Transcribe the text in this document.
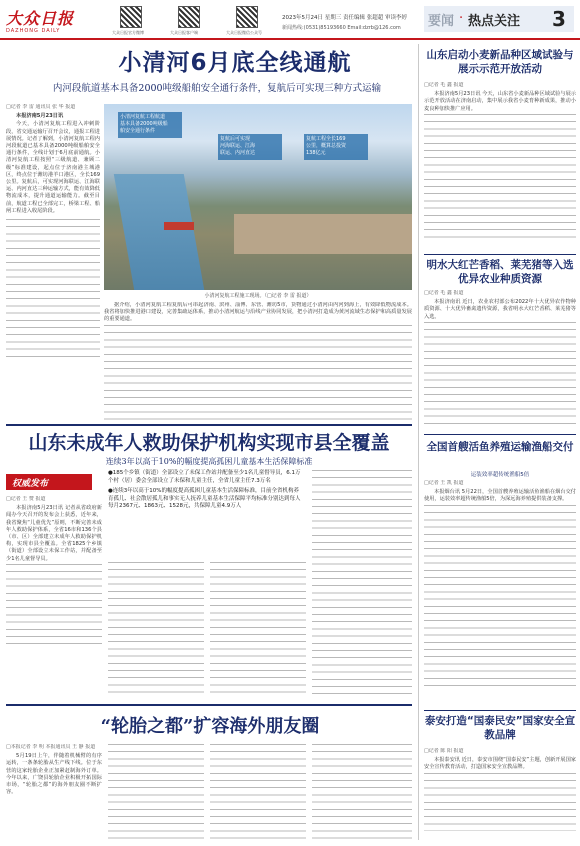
大众日报
DAZHONG DAILY	大众日报官方微博	大众日报客户端	大众日报微信公众号
2023年5月24日 星期三 责任编辑 张超超 审读李婷
新闻热线:(0531)85193660 Email:dzrb@126.com 要闻 · 热点关注 3
小清河6月底全线通航
内河段航道基本具备2000吨级船舶安全通行条件，复航后可实现三种方式运输
□记者 李 雷 通讯员 张 华 报道

本报济南5月23日讯

今天，小清河复航工程进入冲刺阶段，省交通运输厅召开会议，通报工程进展情况。记者了解到，小清河复航工程内河段航道已基本具备2000吨级船舶安全通行条件，全线计划于6月底前通航。小清河复航工程按照“三级航道、兼顾二级”标准建设，起点位于济南港主城港区，终点位于潍坊港羊口港区，全长169公里。复航后，可实现河海联运、江海联运、内河直达三种运输方式，能有效降低物流成本，提升通道运输能力。截至目前，航道工程已全部完工，桥梁工程、船闸工程进入收尾阶段。

小清河复航工程航道
基本具备2000吨级船
舶安全通行条件
复航后可实现
河海联运、江海
联运、内河直达
复航工程全长169
公里，概算总投资
138亿元
小清河复航工程施工现场。（□记者 李 雷 报道）

据介绍，小清河复航工程复航后可串起济南、滨州、淄博、东营、潍坊5市，货物通过小清河由内河到海上，有效降低物流成本。我省将加快推进港口建设，完善集疏运体系，推动小清河航运与沿线产业协同发展，把小清河打造成为黄河流域生态保护和高质量发展的重要通道。

山东未成年人救助保护机构实现市县全覆盖
连续3年以高于10%的幅度提高孤困儿童基本生活保障标准
权威发布
●185个乡镇（街道）全部设立了未保工作站并配备至少1名儿童督导员，6.1万个村（居）委会全部设立了未保和儿童主任，全省儿童主任7.3万名
●连续3年以高于10%的幅度提高孤困儿童基本生活保障标准，目前全省机构养育孤儿、社会散居孤儿和事实无人抚养儿童基本生活保障平均标准分别达到每人每月2367元、1863元、1528元，共保障儿童4.9万人
□记者 王 赞 报道

本报济南5月23日讯 记者从省政府新闻办今天召开的发布会上获悉，近年来，我省聚焦“儿童优先”原则，不断完善未成年人救助保护体系，全省16市和136个县（市、区）全部建立未成年人救助保护机构，实现市县全覆盖。全省1825个乡镇（街道）全部设立未保工作站，并配备至少1名儿童督导员。

“轮胎之都”扩容海外朋友圈
□本报记者 李 明 本报通讯员 王 静 报道

5月19日上午，伴随着机械臂的有序运转，一条条轮胎从生产线下线。位于东营的这家轮胎企业正加紧赶制海外订单。今年以来，广饶县轮胎企业积极开拓国际市场，“轮胎之都”的海外朋友圈不断扩容。

山东启动小麦新品种区域试验与展示示范开放活动
□记者 毛 鑫 报道

本报济南5月23日讯 今天，山东省小麦新品种区域试验与展示示范开放活动在济南启动，集中展示我省小麦育种新成果，推动小麦良种加快推广应用。

明水大红芒香稻、莱芜猪等入选优异农业种质资源
□记者 毛 鑫 报道

本报济南讯 近日，农业农村部公布2022年十大优异农作物种质资源、十大优异畜禽遗传资源，我省明水大红芒香稻、莱芜猪等入选。

全国首艘活鱼养殖运输渔船交付
运装效率超传统渔船5倍
□记者 王 凯 报道

本报烟台讯 5月22日，全国首艘养殖运输活鱼渔船在烟台交付使用，运装效率超传统渔船5倍，为深远海养殖提供装备支撑。

泰安打造“国泰民安”国家安全宣教品牌
□记者 陈 阳 报道

本报泰安讯 近日，泰安市围绕“国泰民安”主题，创新开展国家安全宣传教育活动，打造国家安全宣教品牌。
